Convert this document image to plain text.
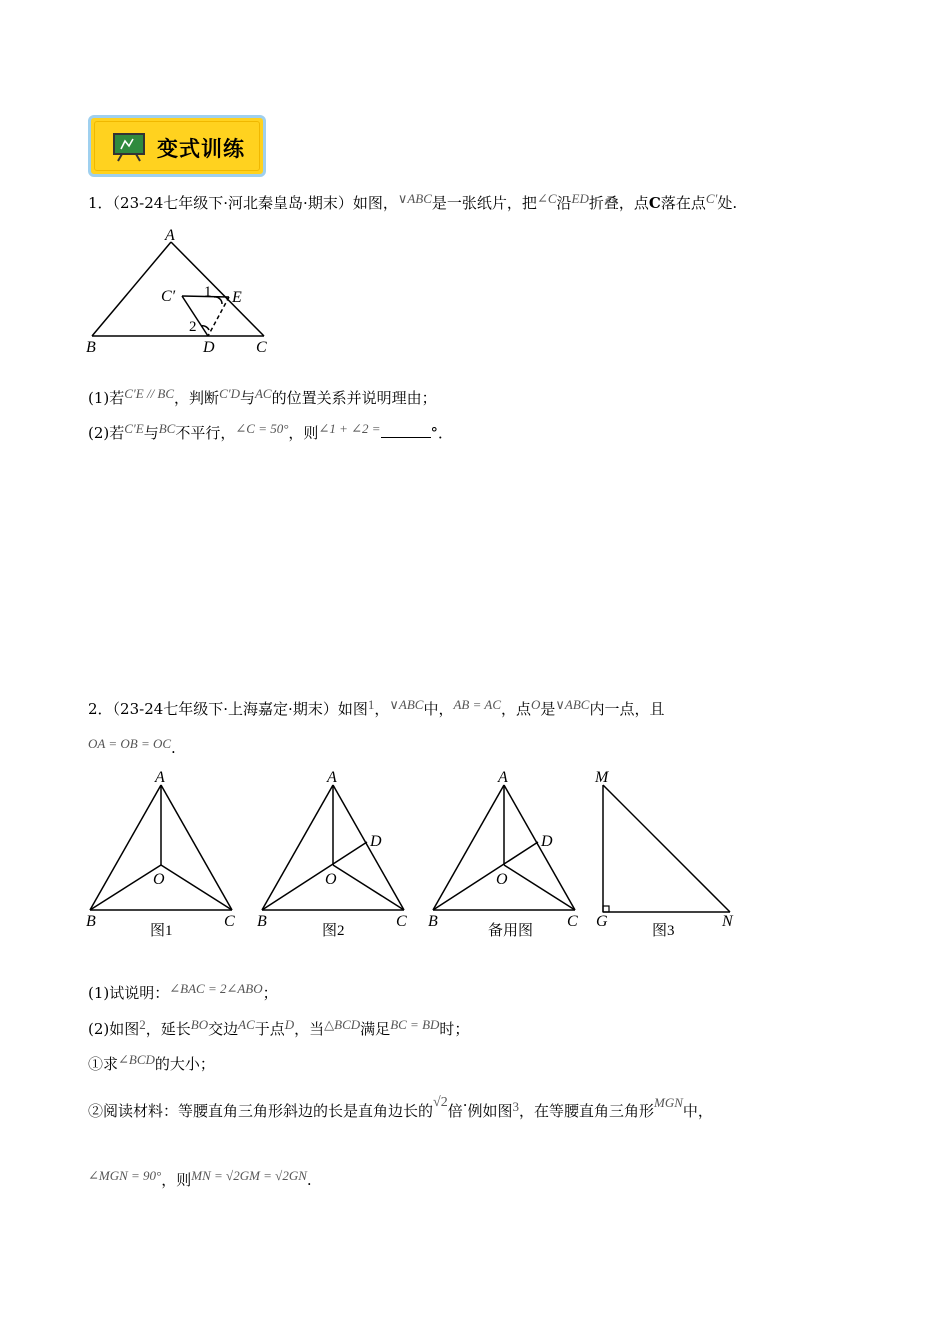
变式训练
1．（23-24七年级下·河北秦皇岛·期末）如图，∨ABC是一张纸片，把∠C沿ED折叠，点C落在点C′处.
A
B	C
D
E
C′ 1
2
(1)若C′E // BC，判断C′D与AC的位置关系并说明理由；
(2)若C′E与BC不平行，∠C = 50°，则∠1 + ∠2 =	°．
2．（23-24七年级下·上海嘉定·期末）如图1，∨ABC中，AB = AC，点O是∨ABC内一点，且
OA = OB = OC.
A
B	C
O
图1
A
B	C
O
D
图2
A
B	C
O
D
备用图
M
G	N
图3
(1)试说明：∠BAC = 2∠ABO；
(2)如图2，延长BO交边AC于点D，当△BCD满足BC = BD时；
①求∠BCD的大小；
②阅读材料：等腰直角三角形斜边的长是直角边长的√2倍·例如图3，在等腰直角三角形MGN中，
∠MGN = 90°，则MN = √2GM = √2GN.
